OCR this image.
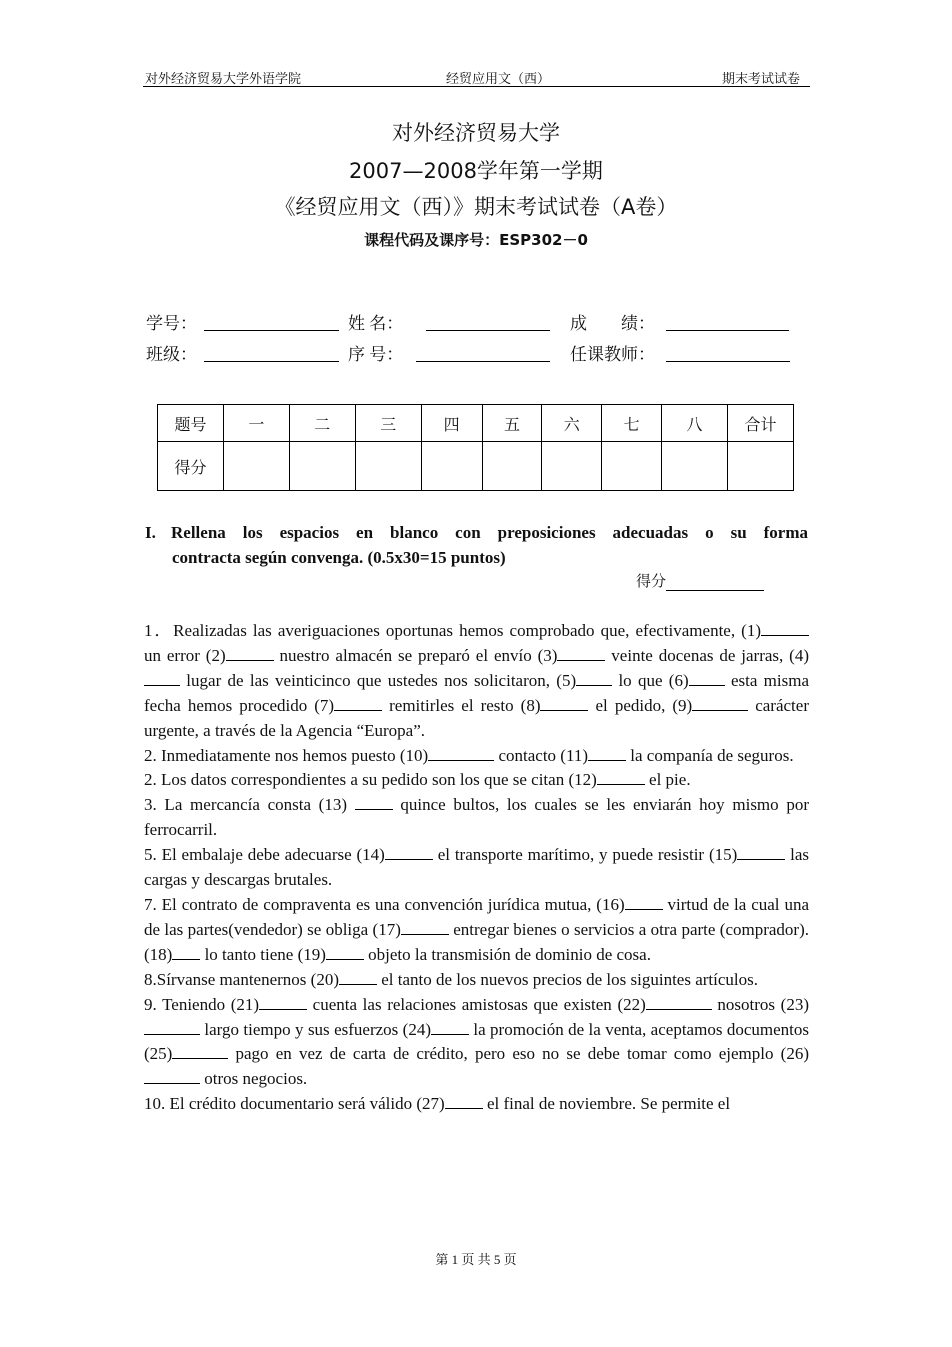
对外经济贸易大学外语学院	经贸应用文（西）	期末考试试卷
对外经济贸易大学
2007—2008学年第一学期
《经贸应用文（西）》期末考试试卷（A卷）
课程代码及课序号：ESP302－0
学号：	姓 名：	成　　绩：
班级：	序 号：	任课教师：
题号	一	二	三	四	五	六	七	八	合计
得分									
I. Rellena los espacios en blanco con preposiciones adecuadas o su forma
contracta según convenga. (0.5x30=15 puntos)
得分

1．Realizadas las averiguaciones oportunas hemos comprobado que, efectivamente, (1) un error (2)	nuestro almacén se preparó el envío (3)	veinte docenas de jarras, (4) lugar de las veinticinco que ustedes nos solicitaron, (5) lo que (6) esta misma fecha hemos procedido (7)	remitirles el resto (8)	el pedido, (9)	carácter urgente, a través de la Agencia “Europa”.

2. Inmediatamente nos hemos puesto (10)	contacto (11) la companía de seguros.

2. Los datos correspondientes a su pedido son los que se citan (12)	el pie.

3. La mercancía consta (13)  quince bultos, los cuales se les enviarán hoy mismo por ferrocarril.

5. El embalaje debe adecuarse (14)	el transporte marítimo, y puede resistir (15)	las cargas y descargas brutales.

7. El contrato de compraventa es una convención jurídica mutua, (16) virtud de la cual una de las partes(vendedor) se obliga (17)	entregar bienes o servicios a otra parte (comprador). (18) lo tanto tiene (19) objeto la transmisión de dominio de cosa.

8.Sírvanse mantenernos (20) el tanto de los nuevos precios de los siguintes artículos.

9. Teniendo (21)	cuenta las relaciones amistosas que existen (22)	nosotros (23) largo tiempo y sus esfuerzos (24) la promoción de la venta, aceptamos documentos (25)	pago en vez de carta de crédito, pero eso no se debe tomar como ejemplo (26) otros negocios.

10. El crédito documentario será válido (27) el final de noviembre. Se permite el

第 1 页 共 5 页
